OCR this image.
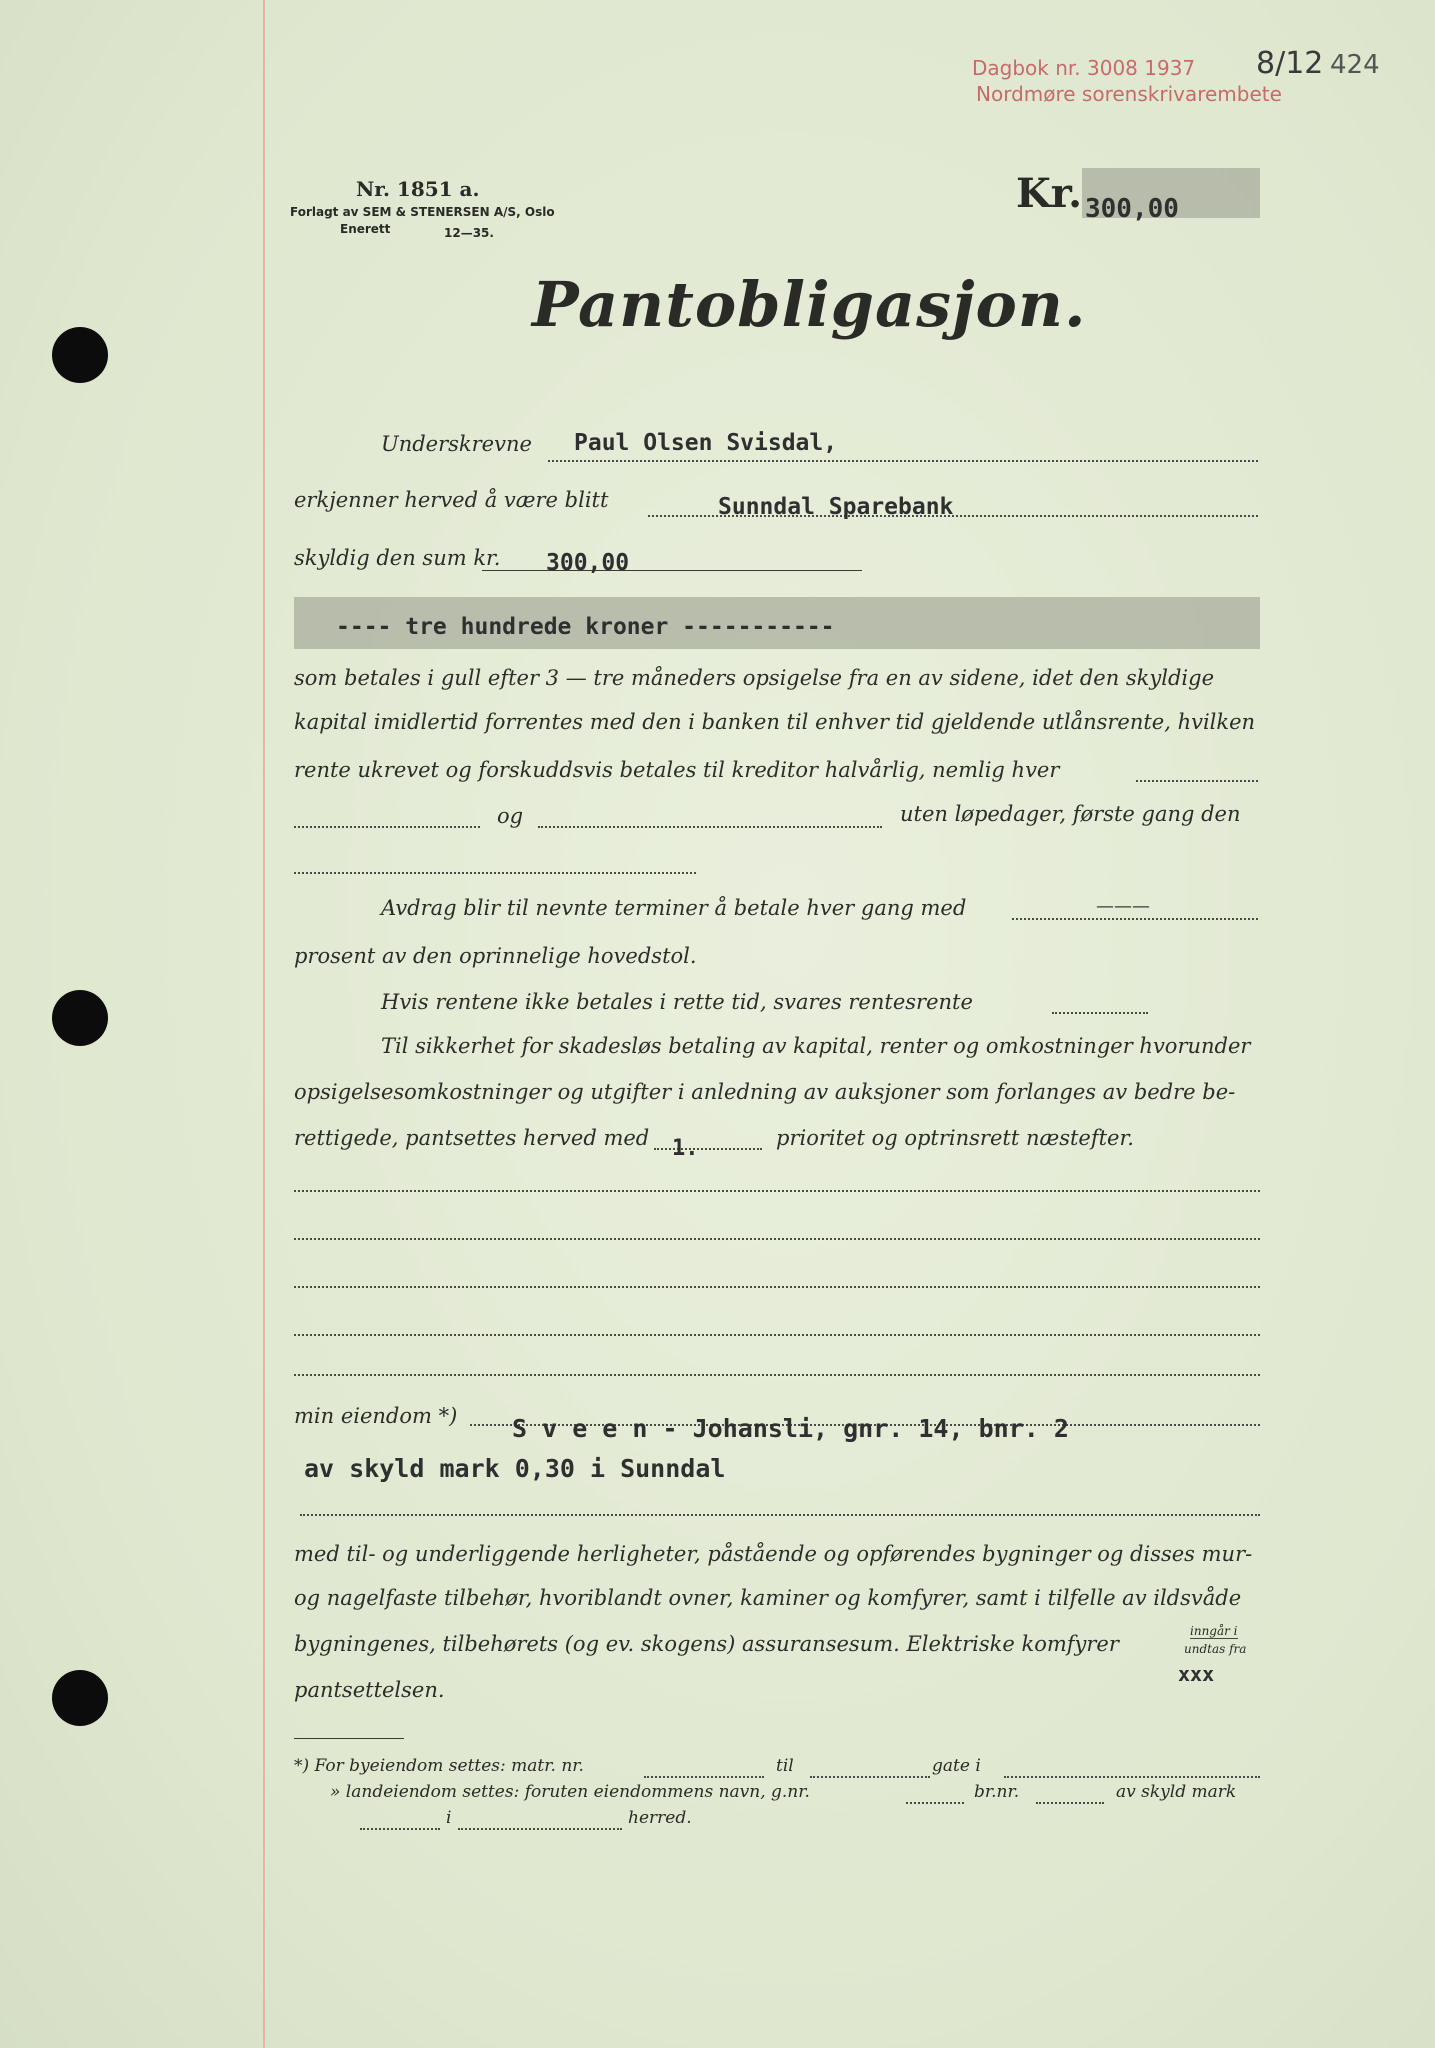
Dagbok nr. 3008 1937 8/12
Nordmøre sorenskrivarembete
424
Nr. 1851 a.
Forlagt av SEM & STENERSEN A/S, Oslo
Enerett	12—35.
Kr. 300,00
Pantobligasjon.
Underskrevne Paul Olsen Svisdal,
erkjenner herved å være blitt	Sunndal Sparebank
skyldig den sum kr. 300,00
---- tre hundrede kroner -----------
som betales i gull efter 3 — tre måneders opsigelse fra en av sidene, idet den skyldige
kapital imidlertid forrentes med den i banken til enhver tid gjeldende utlånsrente, hvilken
rente ukrevet og forskuddsvis betales til kreditor halvårlig, nemlig hver
og	uten løpedager, første gang den
Avdrag blir til nevnte terminer å betale hver gang med	———
prosent av den oprinnelige hovedstol.
Hvis rentene ikke betales i rette tid, svares rentesrente
Til sikkerhet for skadesløs betaling av kapital, renter og omkostninger hvorunder
opsigelsesomkostninger og utgifter i anledning av auksjoner som forlanges av bedre be-
rettigede, pantsettes herved med 1.	prioritet og optrinsrett næstefter.
min eiendom *) S v e e n - Johansli, gnr. 14, bnr. 2
av skyld mark 0,30 i Sunndal
med til- og underliggende herligheter, påstående og opførendes bygninger og disses mur-
og nagelfaste tilbehør, hvoriblandt ovner, kaminer og komfyrer, samt i tilfelle av ildsvåde
bygningenes, tilbehørets (og ev. skogens) assuransesum. Elektriske komfyrer
inngår i
undtas fra
xxx
pantsettelsen.
*) For byeiendom settes: matr. nr.	til	gate i
» landeiendom settes: foruten eiendommens navn, g.nr.	br.nr.	av skyld mark
i	herred.
